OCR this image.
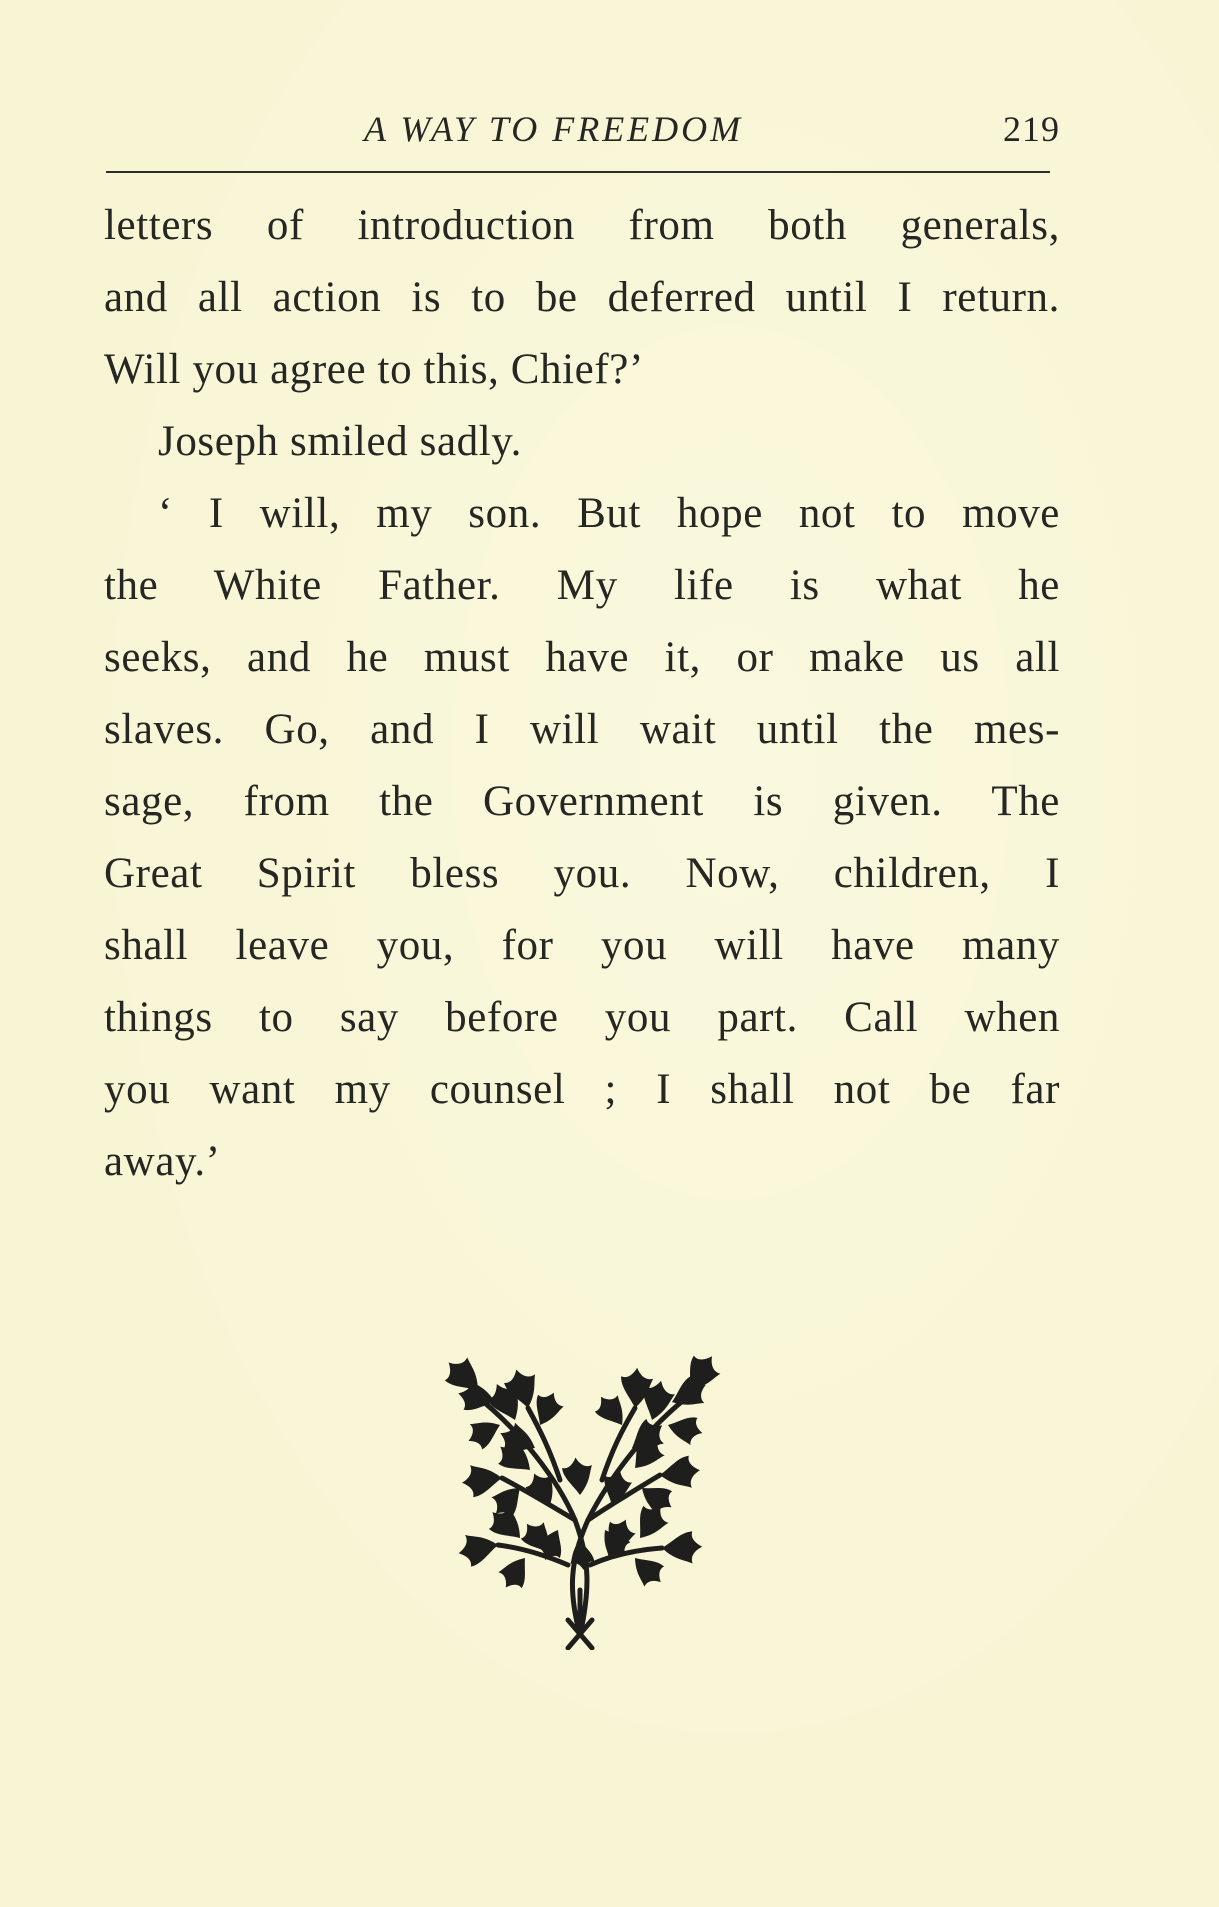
A WAY TO FREEDOM	219
letters of introduction from both generals,
and all action is to be deferred until I return.
Will you agree to this, Chief?’
Joseph smiled sadly.
‘ I will, my son. But hope not to move
the White Father. My life is what he
seeks, and he must have it, or make us all
slaves. Go, and I will wait until the mes-
sage, from the Government is given. The
Great Spirit bless you. Now, children, I
shall leave you, for you will have many
things to say before you part. Call when
you want my counsel ; I shall not be far
away.’
